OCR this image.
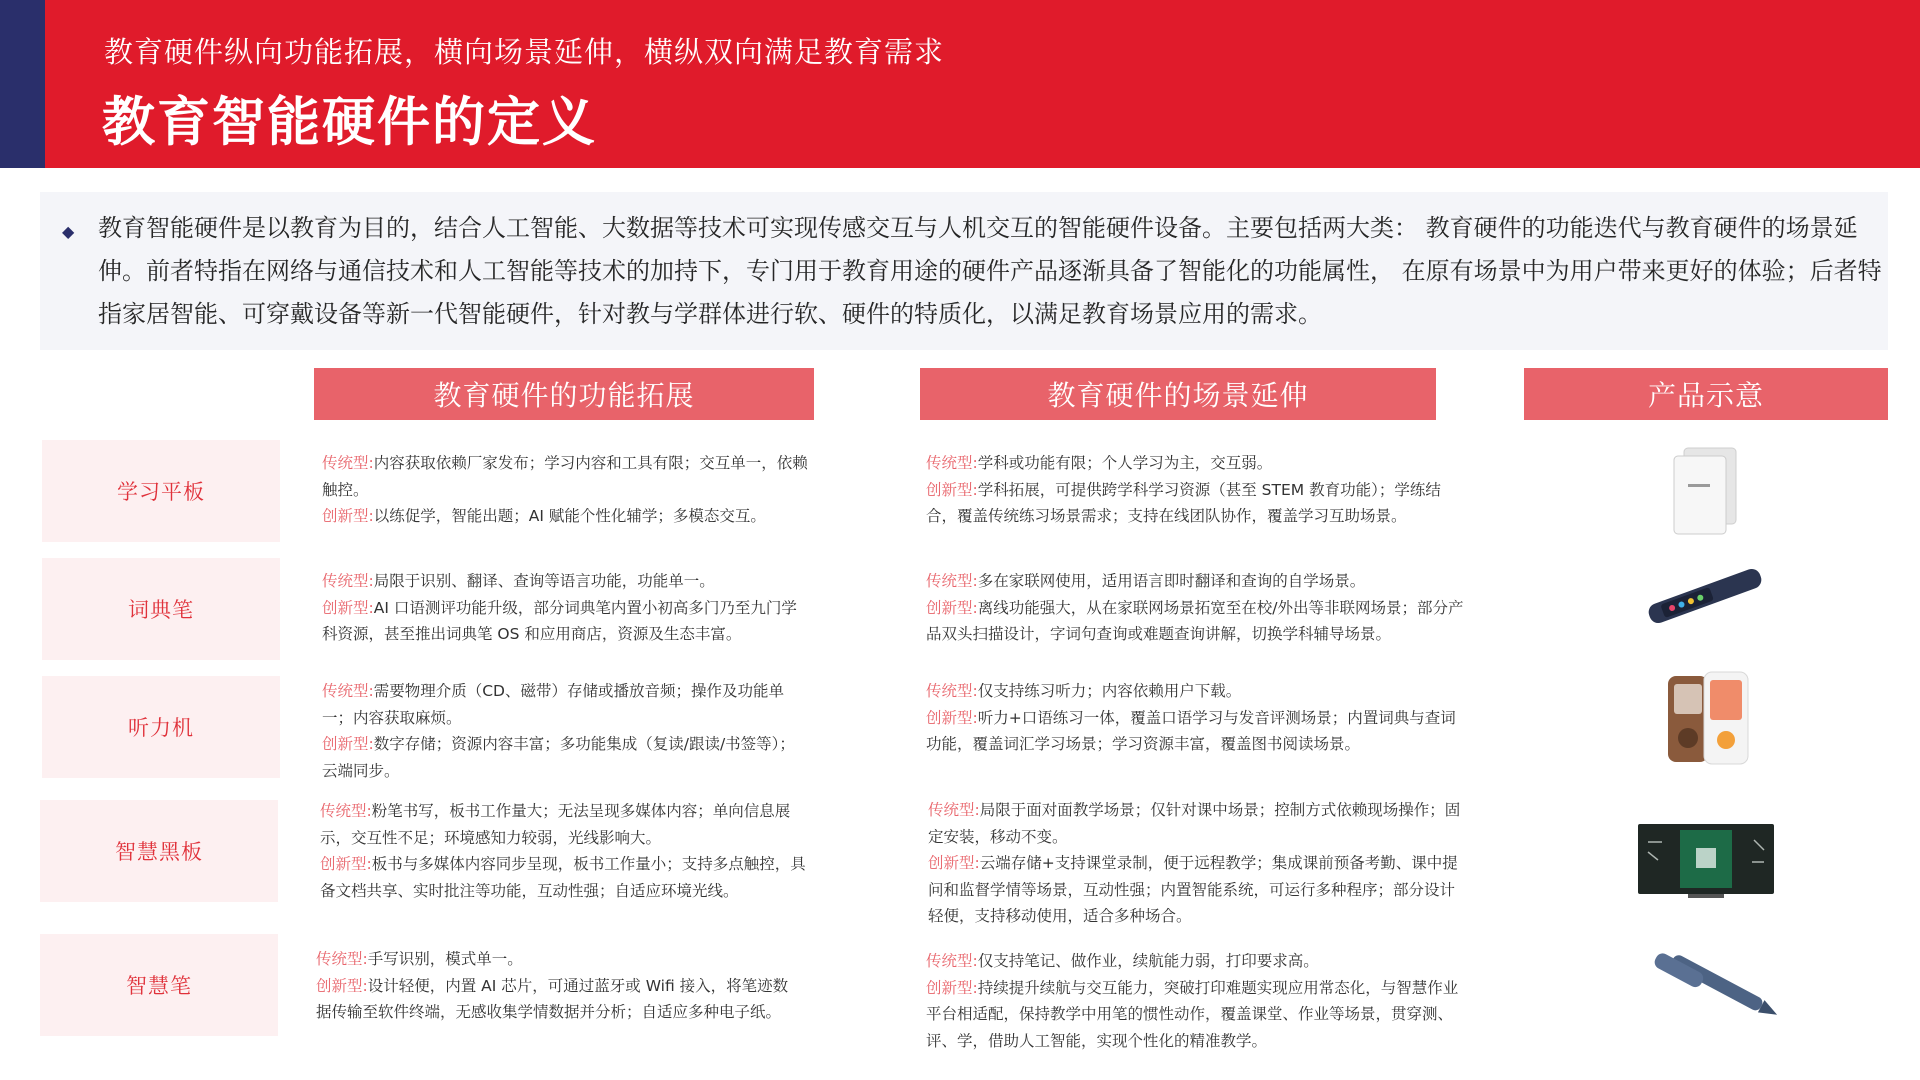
教育硬件纵向功能拓展，横向场景延伸，横纵双向满足教育需求
教育智能硬件的定义
◆ 教育智能硬件是以教育为目的，结合人工智能、大数据等技术可实现传感交互与人机交互的智能硬件设备。主要包括两大类： 教育硬件的功能迭代与教育硬件的场景延伸。前者特指在网络与通信技术和人工智能等技术的加持下，专门用于教育用途的硬件产品逐渐具备了智能化的功能属性， 在原有场景中为用户带来更好的体验；后者特指家居智能、可穿戴设备等新一代智能硬件，针对教与学群体进行软、硬件的特质化，以满足教育场景应用的需求。

教育硬件的功能拓展	教育硬件的场景延伸	产品示意
学习平板
传统型:内容获取依赖厂家发布；学习内容和工具有限；交互单一，依赖触控。
创新型:以练促学，智能出题；AI 赋能个性化辅学；多模态交互。
传统型:学科或功能有限；个人学习为主，交互弱。
创新型:学科拓展，可提供跨学科学习资源（甚至 STEM 教育功能）；学练结合，覆盖传统练习场景需求；支持在线团队协作，覆盖学习互助场景。
词典笔
传统型:局限于识别、翻译、查询等语言功能，功能单一。
创新型:AI 口语测评功能升级，部分词典笔内置小初高多门乃至九门学科资源，甚至推出词典笔 OS 和应用商店，资源及生态丰富。
传统型:多在家联网使用，适用语言即时翻译和查询的自学场景。
创新型:离线功能强大，从在家联网场景拓宽至在校/外出等非联网场景；部分产品双头扫描设计，字词句查询或难题查询讲解，切换学科辅导场景。
听力机
传统型:需要物理介质（CD、磁带）存储或播放音频；操作及功能单一；内容获取麻烦。
创新型:数字存储；资源内容丰富；多功能集成（复读/跟读/书签等）；云端同步。
传统型:仅支持练习听力；内容依赖用户下载。
创新型:听力+口语练习一体，覆盖口语学习与发音评测场景；内置词典与查词功能，覆盖词汇学习场景；学习资源丰富，覆盖图书阅读场景。
智慧黑板
传统型:粉笔书写，板书工作量大；无法呈现多媒体内容；单向信息展示，交互性不足；环境感知力较弱，光线影响大。
创新型:板书与多媒体内容同步呈现，板书工作量小；支持多点触控，具备文档共享、实时批注等功能，互动性强；自适应环境光线。
传统型:局限于面对面教学场景；仅针对课中场景；控制方式依赖现场操作；固定安装，移动不变。
创新型:云端存储+支持课堂录制，便于远程教学；集成课前预备考勤、课中提问和监督学情等场景，互动性强；内置智能系统，可运行多种程序；部分设计轻便，支持移动使用，适合多种场合。
智慧笔
传统型:手写识别，模式单一。
创新型:设计轻便，内置 AI 芯片，可通过蓝牙或 Wifi 接入，将笔迹数据传输至软件终端，无感收集学情数据并分析；自适应多种电子纸。
传统型:仅支持笔记、做作业，续航能力弱，打印要求高。
创新型:持续提升续航与交互能力，突破打印难题实现应用常态化，与智慧作业平台相适配，保持教学中用笔的惯性动作，覆盖课堂、作业等场景，贯穿测、评、学，借助人工智能，实现个性化的精准教学。
